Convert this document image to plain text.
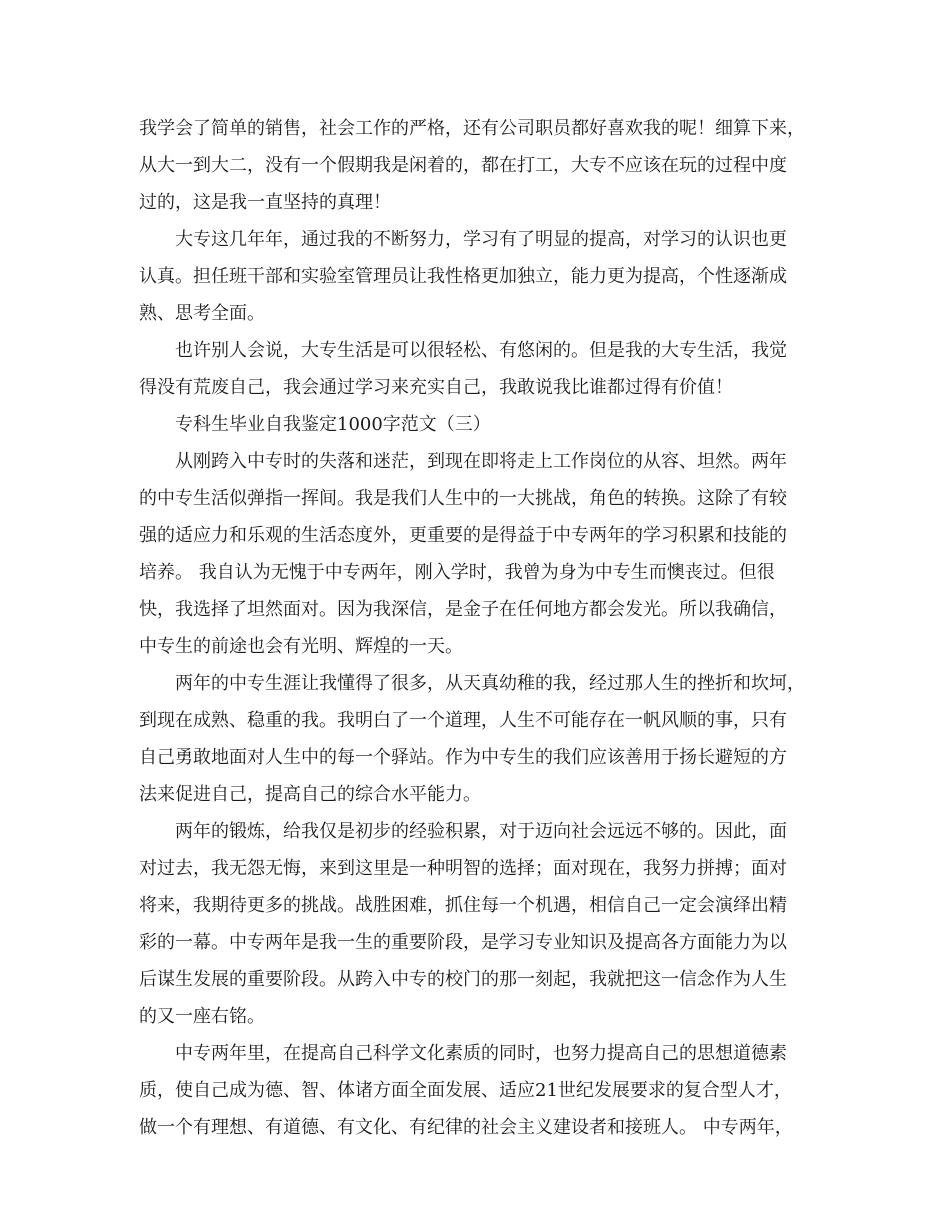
我学会了简单的销售，社会工作的严格，还有公司职员都好喜欢我的呢！细算下来，
从大一到大二，没有一个假期我是闲着的，都在打工，大专不应该在玩的过程中度
过的，这是我一直坚持的真理！
大专这几年年，通过我的不断努力，学习有了明显的提高，对学习的认识也更
认真。担任班干部和实验室管理员让我性格更加独立，能力更为提高，个性逐渐成
熟、思考全面。
也许别人会说，大专生活是可以很轻松、有悠闲的。但是我的大专生活，我觉
得没有荒废自己，我会通过学习来充实自己，我敢说我比谁都过得有价值！
专科生毕业自我鉴定1000字范文（三）
从刚跨入中专时的失落和迷茫，到现在即将走上工作岗位的从容、坦然。两年
的中专生活似弹指一挥间。我是我们人生中的一大挑战，角色的转换。这除了有较
强的适应力和乐观的生活态度外，更重要的是得益于中专两年的学习积累和技能的
培养。 我自认为无愧于中专两年，刚入学时，我曾为身为中专生而懊丧过。但很
快，我选择了坦然面对。因为我深信，是金子在任何地方都会发光。所以我确信，
中专生的前途也会有光明、辉煌的一天。
两年的中专生涯让我懂得了很多，从天真幼稚的我，经过那人生的挫折和坎坷，
到现在成熟、稳重的我。我明白了一个道理，人生不可能存在一帆风顺的事，只有
自己勇敢地面对人生中的每一个驿站。作为中专生的我们应该善用于扬长避短的方
法来促进自己，提高自己的综合水平能力。
两年的锻炼，给我仅是初步的经验积累，对于迈向社会远远不够的。因此，面
对过去，我无怨无悔，来到这里是一种明智的选择；面对现在，我努力拼搏；面对
将来，我期待更多的挑战。战胜困难，抓住每一个机遇，相信自己一定会演绎出精
彩的一幕。中专两年是我一生的重要阶段，是学习专业知识及提高各方面能力为以
后谋生发展的重要阶段。从跨入中专的校门的那一刻起，我就把这一信念作为人生
的又一座右铭。
中专两年里，在提高自己科学文化素质的同时，也努力提高自己的思想道德素
质，使自己成为德、智、体诸方面全面发展、适应21世纪发展要求的复合型人才，
做一个有理想、有道德、有文化、有纪律的社会主义建设者和接班人。 中专两年，
